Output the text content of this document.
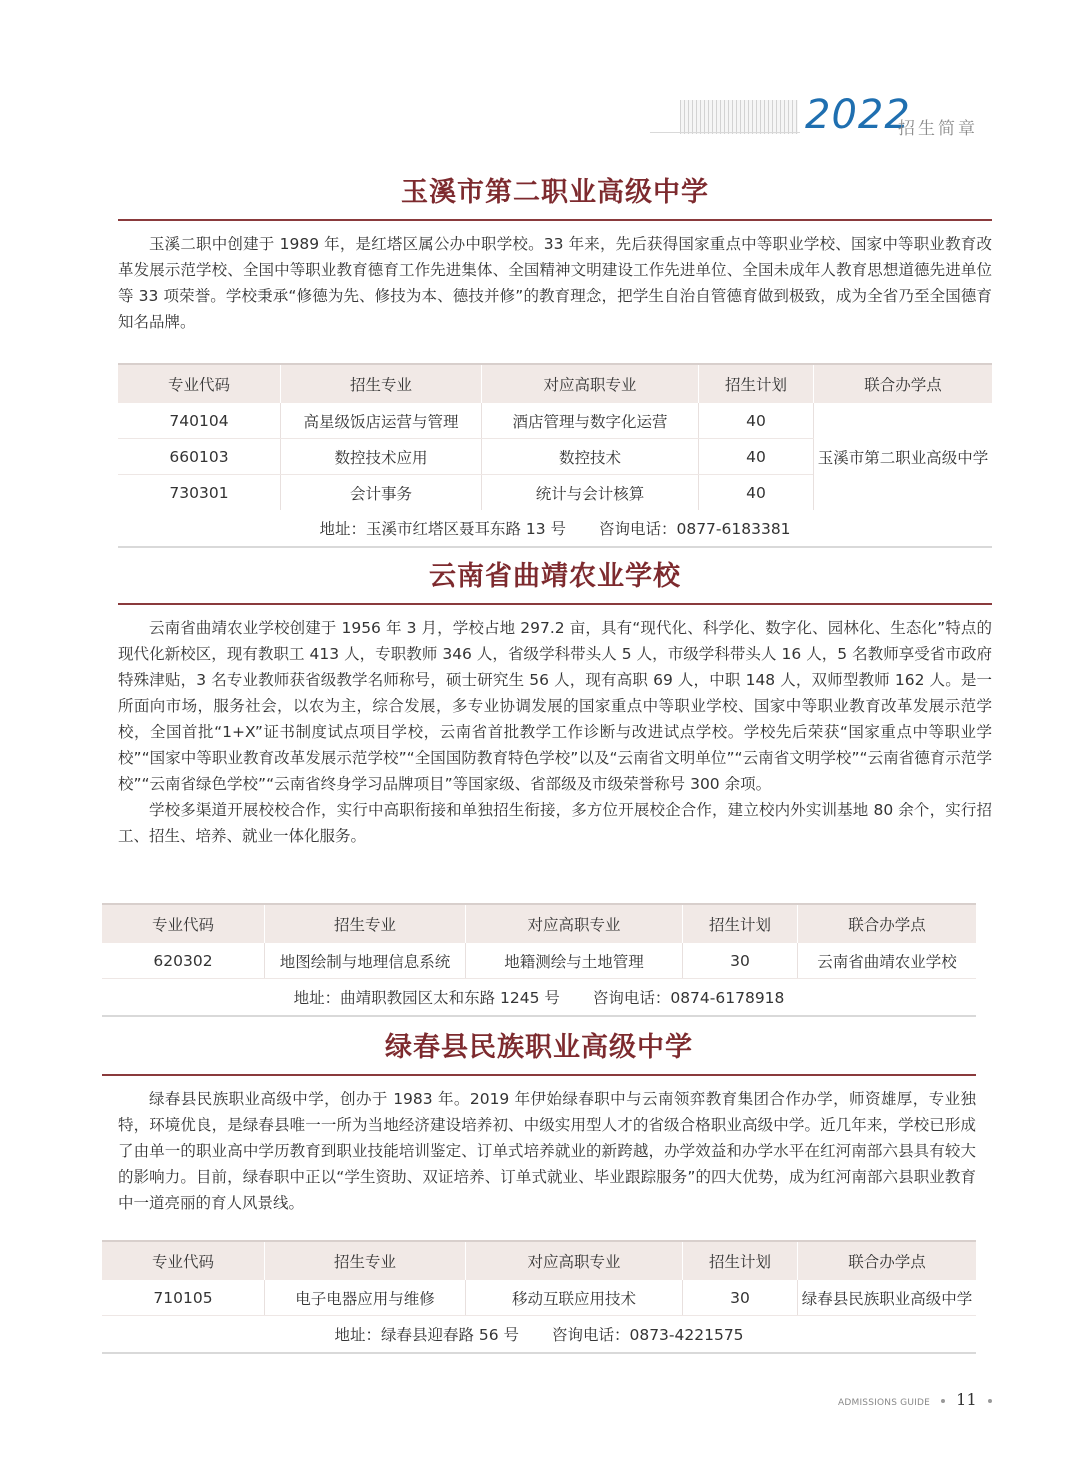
2022
招生简章
玉溪市第二职业高级中学

玉溪二职中创建于 1989 年，是红塔区属公办中职学校。33 年来，先后获得国家重点中等职业学校、国家中等职业教育改革发展示范学校、全国中等职业教育德育工作先进集体、全国精神文明建设工作先进单位、全国未成年人教育思想道德先进单位等 33 项荣誉。学校秉承“修德为先、修技为本、德技并修”的教育理念，把学生自治自管德育做到极致，成为全省乃至全国德育知名品牌。

专业代码	招生专业	对应高职专业	招生计划	联合办学点
740104	高星级饭店运营与管理	酒店管理与数字化运营	40	玉溪市第二职业高级中学
660103	数控技术应用	数控技术	40	
730301	会计事务	统计与会计核算	40	
地址：玉溪市红塔区聂耳东路 13 号 咨询电话：0877-6183381				
云南省曲靖农业学校

云南省曲靖农业学校创建于 1956 年 3 月，学校占地 297.2 亩，具有“现代化、科学化、数字化、园林化、生态化”特点的现代化新校区，现有教职工 413 人，专职教师 346 人，省级学科带头人 5 人，市级学科带头人 16 人，5 名教师享受省市政府特殊津贴，3 名专业教师获省级教学名师称号，硕士研究生 56 人，现有高职 69 人，中职 148 人，双师型教师 162 人。是一所面向市场，服务社会，以农为主，综合发展，多专业协调发展的国家重点中等职业学校、国家中等职业教育改革发展示范学校，全国首批“1+X”证书制度试点项目学校，云南省首批教学工作诊断与改进试点学校。学校先后荣获“国家重点中等职业学校”“国家中等职业教育改革发展示范学校”“全国国防教育特色学校”以及“云南省文明单位”“云南省文明学校”“云南省德育示范学校”“云南省绿色学校”“云南省终身学习品牌项目”等国家级、省部级及市级荣誉称号 300 余项。

学校多渠道开展校校合作，实行中高职衔接和单独招生衔接，多方位开展校企合作，建立校内外实训基地 80 余个，实行招工、招生、培养、就业一体化服务。

专业代码	招生专业	对应高职专业	招生计划	联合办学点
620302	地图绘制与地理信息系统	地籍测绘与土地管理	30	云南省曲靖农业学校
地址：曲靖职教园区太和东路 1245 号 咨询电话：0874-6178918				
绿春县民族职业高级中学

绿春县民族职业高级中学，创办于 1983 年。2019 年伊始绿春职中与云南领弈教育集团合作办学，师资雄厚，专业独特，环境优良，是绿春县唯一一所为当地经济建设培养初、中级实用型人才的省级合格职业高级中学。近几年来，学校已形成了由单一的职业高中学历教育到职业技能培训鉴定、订单式培养就业的新跨越，办学效益和办学水平在红河南部六县具有较大的影响力。目前，绿春职中正以“学生资助、双证培养、订单式就业、毕业跟踪服务”的四大优势，成为红河南部六县职业教育中一道亮丽的育人风景线。

专业代码	招生专业	对应高职专业	招生计划	联合办学点
710105	电子电器应用与维修	移动互联应用技术	30	绿春县民族职业高级中学
地址：绿春县迎春路 56 号 咨询电话：0873-4221575				
ADMISSIONS GUIDE 11
